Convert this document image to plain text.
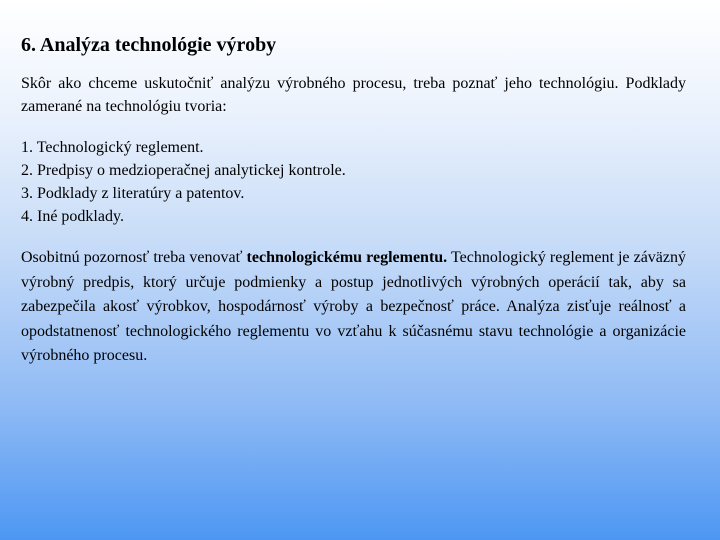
6. Analýza technológie výroby

Skôr ako chceme uskutočniť analýzu výrobného procesu, treba poznať jeho technológiu. Podklady zamerané na technológiu tvoria:

1. Technologický reglement.
2. Predpisy o medzioperačnej analytickej kontrole.
3. Podklady z literatúry a patentov.
4. Iné podklady.

Osobitnú pozornosť treba venovať technologickému reglementu. Technologický reglement je záväzný výrobný predpis, ktorý určuje podmienky a postup jednotlivých výrobných operácií tak, aby sa zabezpečila akosť výrobkov, hospodárnosť výroby a bezpečnosť práce. Analýza zisťuje reálnosť a opodstatnenosť technologického reglementu vo vzťahu k súčasnému stavu technológie a organizácie výrobného procesu.
